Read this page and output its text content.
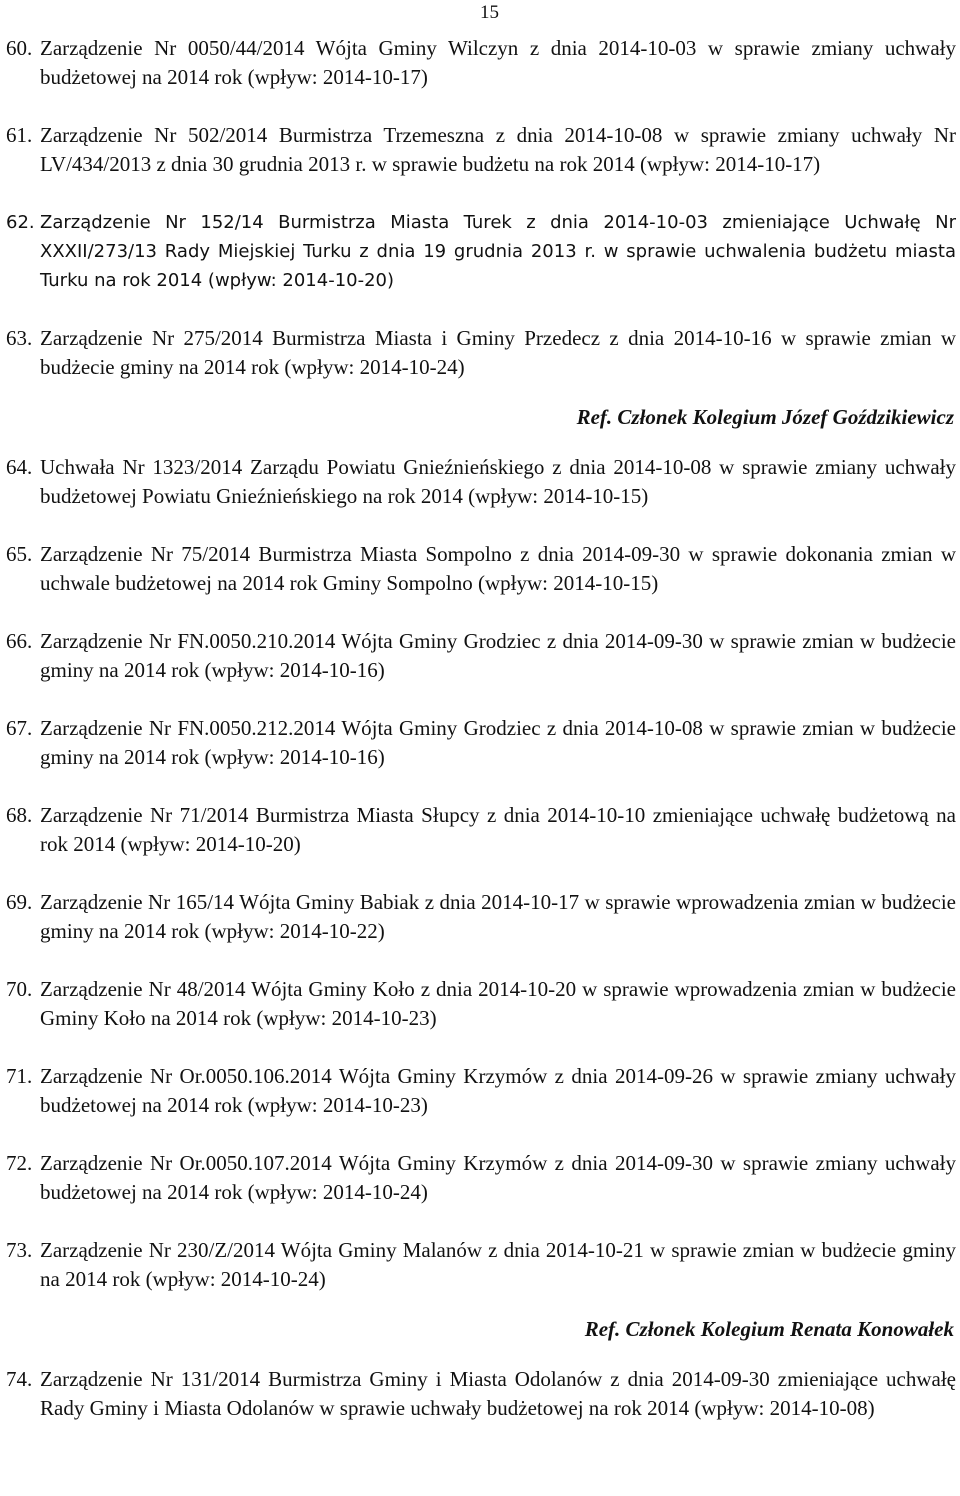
15
60. Zarządzenie Nr 0050/44/2014 Wójta Gminy Wilczyn z dnia 2014-10-03 w sprawie zmiany uchwały budżetowej na 2014 rok (wpływ: 2014-10-17)
61. Zarządzenie Nr 502/2014 Burmistrza Trzemeszna z dnia 2014-10-08 w sprawie zmiany uchwały Nr LV/434/2013 z dnia 30 grudnia 2013 r. w sprawie budżetu na rok 2014 (wpływ: 2014-10-17)
62. Zarządzenie Nr 152/14 Burmistrza Miasta Turek z dnia 2014-10-03 zmieniające Uchwałę Nr XXXII/273/13 Rady Miejskiej Turku z dnia 19 grudnia 2013 r. w sprawie uchwalenia budżetu miasta Turku na rok 2014 (wpływ: 2014-10-20)
63. Zarządzenie Nr 275/2014 Burmistrza Miasta i Gminy Przedecz z dnia 2014-10-16 w sprawie zmian w budżecie gminy na 2014 rok (wpływ: 2014-10-24)
Ref. Członek Kolegium Józef Goździkiewicz
64. Uchwała Nr 1323/2014 Zarządu Powiatu Gnieźnieńskiego z dnia 2014-10-08 w sprawie zmiany uchwały budżetowej Powiatu Gnieźnieńskiego na rok 2014 (wpływ: 2014-10-15)
65. Zarządzenie Nr 75/2014 Burmistrza Miasta Sompolno z dnia 2014-09-30 w sprawie dokonania zmian w uchwale budżetowej na 2014 rok Gminy Sompolno (wpływ: 2014-10-15)
66. Zarządzenie Nr FN.0050.210.2014 Wójta Gminy Grodziec z dnia 2014-09-30 w sprawie zmian w budżecie gminy na 2014 rok (wpływ: 2014-10-16)
67. Zarządzenie Nr FN.0050.212.2014 Wójta Gminy Grodziec z dnia 2014-10-08 w sprawie zmian w budżecie gminy na 2014 rok (wpływ: 2014-10-16)
68. Zarządzenie Nr 71/2014 Burmistrza Miasta Słupcy z dnia 2014-10-10 zmieniające uchwałę budżetową na rok 2014 (wpływ: 2014-10-20)
69. Zarządzenie Nr 165/14 Wójta Gminy Babiak z dnia 2014-10-17 w sprawie wprowadzenia zmian w budżecie gminy na 2014 rok (wpływ: 2014-10-22)
70. Zarządzenie Nr 48/2014 Wójta Gminy Koło z dnia 2014-10-20 w sprawie wprowadzenia zmian w budżecie Gminy Koło na 2014 rok (wpływ: 2014-10-23)
71. Zarządzenie Nr Or.0050.106.2014 Wójta Gminy Krzymów z dnia 2014-09-26 w sprawie zmiany uchwały budżetowej na 2014 rok (wpływ: 2014-10-23)
72. Zarządzenie Nr Or.0050.107.2014 Wójta Gminy Krzymów z dnia 2014-09-30 w sprawie zmiany uchwały budżetowej na 2014 rok (wpływ: 2014-10-24)
73. Zarządzenie Nr 230/Z/2014 Wójta Gminy Malanów z dnia 2014-10-21 w sprawie zmian w budżecie gminy na 2014 rok (wpływ: 2014-10-24)
Ref. Członek Kolegium Renata Konowałek
74. Zarządzenie Nr 131/2014 Burmistrza Gminy i Miasta Odolanów z dnia 2014-09-30 zmieniające uchwałę Rady Gminy i Miasta Odolanów w sprawie uchwały budżetowej na rok 2014 (wpływ: 2014-10-08)
